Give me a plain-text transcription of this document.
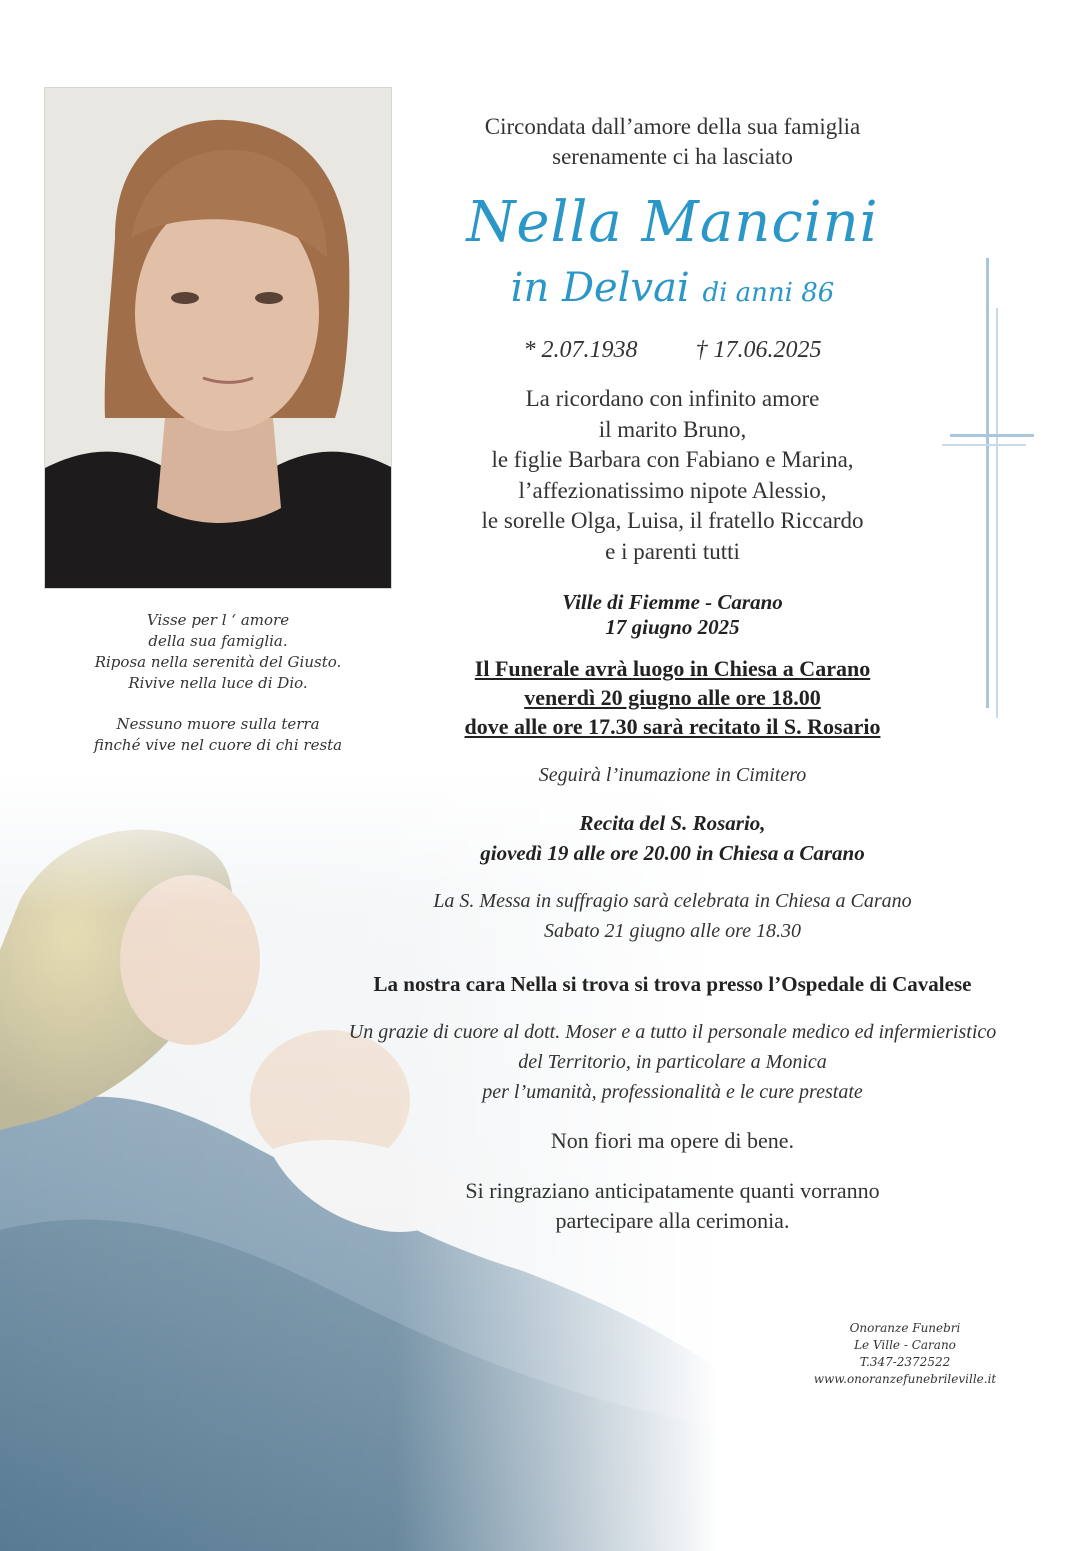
Visse per l ‘ amore

della sua famiglia.

Riposa nella serenità del Giusto.

Rivive nella luce di Dio.

Nessuno muore sulla terra

finché vive nel cuore di chi resta

Circondata dall’amore della sua famiglia

serenamente ci ha lasciato

Nella Mancini
in Delvai di anni 86
* 2.07.1938 † 17.06.2025

La ricordano con infinito amore

il marito Bruno,

le figlie Barbara con Fabiano e Marina,

l’affezionatissimo nipote Alessio,

le sorelle Olga, Luisa, il fratello Riccardo

e i parenti tutti

Ville di Fiemme - Carano

17 giugno 2025

Il Funerale avrà luogo in Chiesa a Carano

venerdì 20 giugno alle ore 18.00

dove alle ore 17.30 sarà recitato il S. Rosario

Seguirà l’inumazione in Cimitero

Recita del S. Rosario,

giovedì 19 alle ore 20.00 in Chiesa a Carano

La S. Messa in suffragio sarà celebrata in Chiesa a Carano

Sabato 21 giugno alle ore 18.30

La nostra cara Nella si trova si trova presso l’Ospedale di Cavalese

Un grazie di cuore al dott. Moser e a tutto il personale medico ed infermieristico

del Territorio, in particolare a Monica

per l’umanità, professionalità e le cure prestate

Non fiori ma opere di bene.

Si ringraziano anticipatamente quanti vorranno

partecipare alla cerimonia.

Onoranze Funebri

Le Ville - Carano

T.347-2372522

www.onoranzefunebrileville.it
